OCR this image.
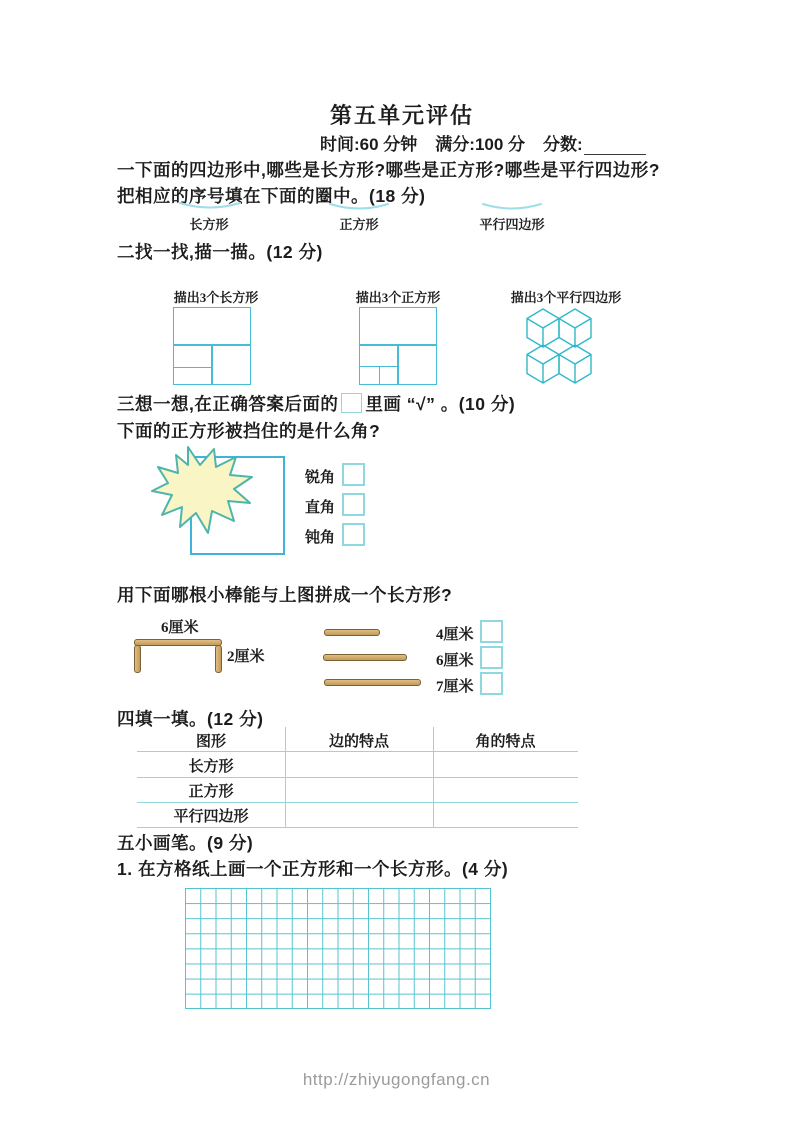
第五单元评估
时间:60 分钟 满分:100 分 分数:
一下面的四边形中,哪些是长方形?哪些是正方形?哪些是平行四边形?
把相应的序号填在下面的圈中。(18 分)
长方形	正方形	平行四边形
二找一找,描一描。(12 分)
描出3个长方形	描出3个正方形	描出3个平行四边形
三想一想,在正确答案后面的 里画 “√” 。(10 分)
下面的正方形被挡住的是什么角?
锐角
直角
钝角
用下面哪根小棒能与上图拼成一个长方形?
6厘米
2厘米
4厘米
6厘米
7厘米
四填一填。(12 分)
图形	边的特点	角的特点
长方形
正方形
平行四边形
五小画笔。(9 分)
1. 在方格纸上画一个正方形和一个长方形。(4 分)
http://zhiyugongfang.cn
